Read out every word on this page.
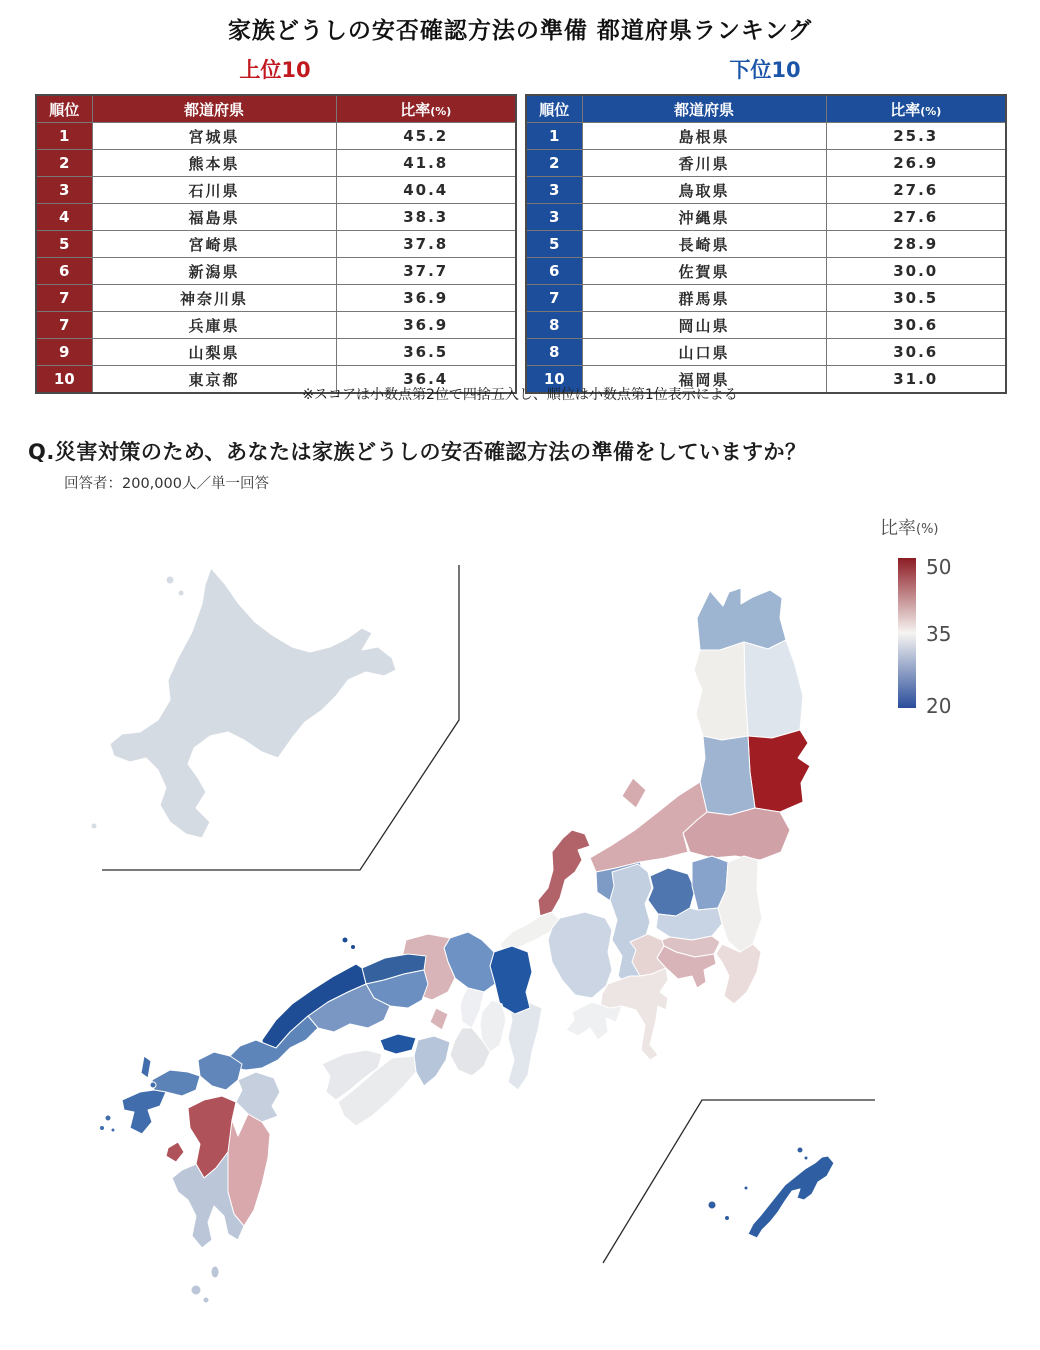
家族どうしの安否確認方法の準備 都道府県ランキング
上位10	下位10
順位	都道府県	比率(%)
1	宮城県	45.2
2	熊本県	41.8
3	石川県	40.4
4	福島県	38.3
5	宮崎県	37.8
6	新潟県	37.7
7	神奈川県	36.9
7	兵庫県	36.9
9	山梨県	36.5
10	東京都	36.4
順位	都道府県	比率(%)
1	島根県	25.3
2	香川県	26.9
3	鳥取県	27.6
3	沖縄県	27.6
5	長崎県	28.9
6	佐賀県	30.0
7	群馬県	30.5
8	岡山県	30.6
8	山口県	30.6
10	福岡県	31.0
※スコアは小数点第2位で四捨五入し、順位は小数点第1位表示による
Q.災害対策のため、あなたは家族どうしの安否確認方法の準備をしていますか？
回答者：200,000人／単一回答
比率(%)
50
35
20
